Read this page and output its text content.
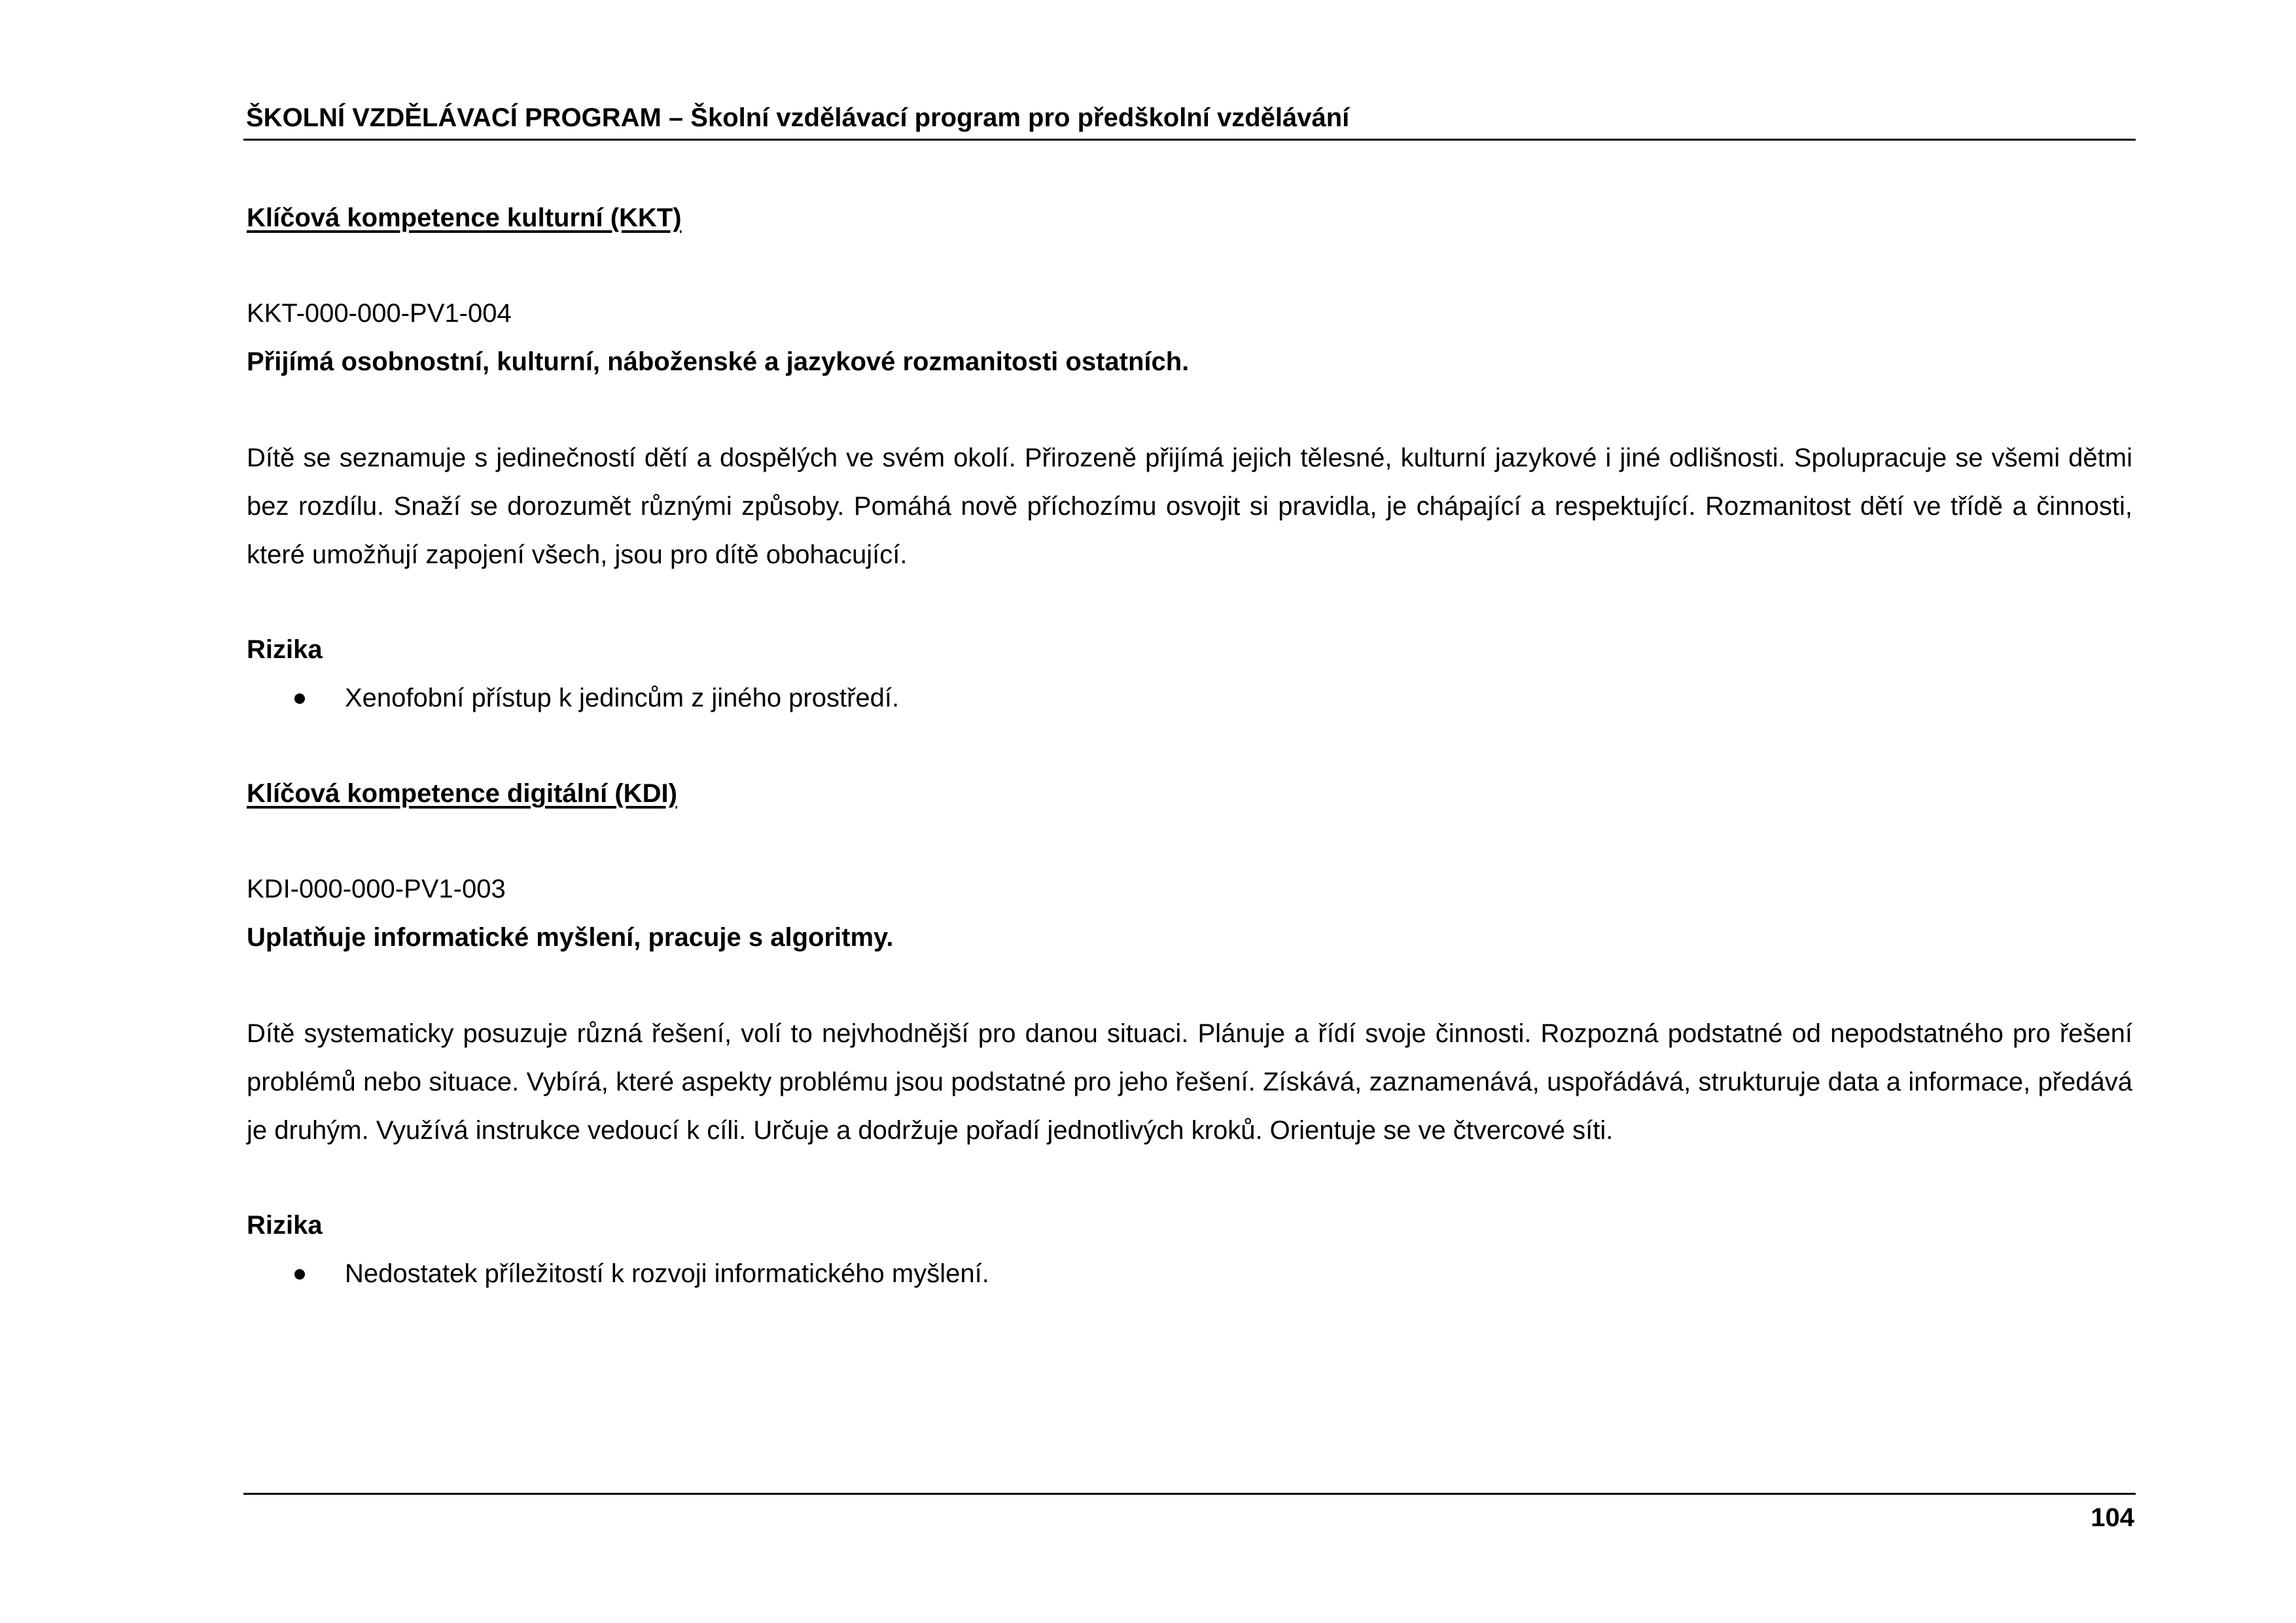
ŠKOLNÍ VZDĚLÁVACÍ PROGRAM – Školní vzdělávací program pro předškolní vzdělávání
Klíčová kompetence kulturní (KKT)
KKT-000-000-PV1-004
Přijímá osobnostní, kulturní, náboženské a jazykové rozmanitosti ostatních.
Dítě se seznamuje s jedinečností dětí a dospělých ve svém okolí. Přirozeně přijímá jejich tělesné, kulturní jazykové i jiné odlišnosti. Spolupracuje se všemi dětmi bez rozdílu. Snaží se dorozumět různými způsoby. Pomáhá nově příchozímu osvojit si pravidla, je chápající a respektující. Rozmanitost dětí ve třídě a činnosti, které umožňují zapojení všech, jsou pro dítě obohacující.
Rizika
Xenofobní přístup k jedincům z jiného prostředí.
Klíčová kompetence digitální (KDI)
KDI-000-000-PV1-003
Uplatňuje informatické myšlení, pracuje s algoritmy.
Dítě systematicky posuzuje různá řešení, volí to nejvhodnější pro danou situaci. Plánuje a řídí svoje činnosti. Rozpozná podstatné od nepodstatného pro řešení problémů nebo situace. Vybírá, které aspekty problému jsou podstatné pro jeho řešení. Získává, zaznamenává, uspořádává, strukturuje data a informace, předává je druhým. Využívá instrukce vedoucí k cíli. Určuje a dodržuje pořadí jednotlivých kroků. Orientuje se ve čtvercové síti.
Rizika
Nedostatek příležitostí k rozvoji informatického myšlení.
104
